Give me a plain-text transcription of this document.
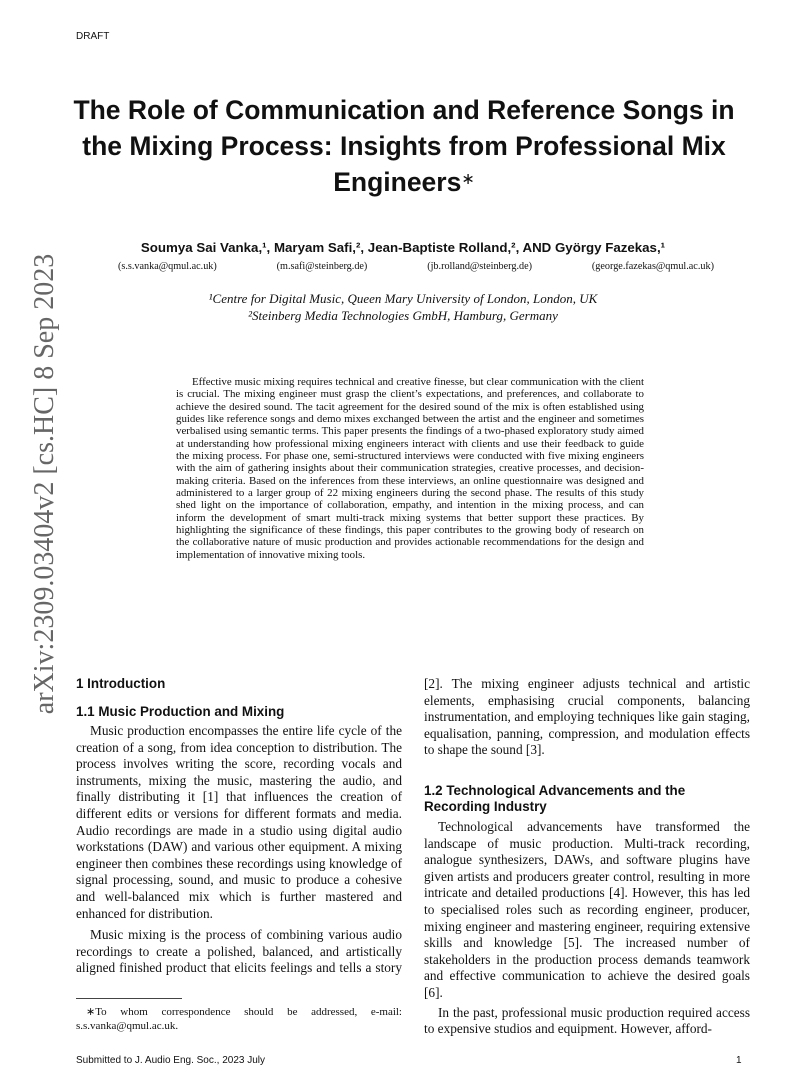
DRAFT
The Role of Communication and Reference Songs in the Mixing Process: Insights from Professional Mix Engineers∗
Soumya Sai Vanka,¹, Maryam Safi,², Jean-Baptiste Rolland,², AND György Fazekas,¹
(s.s.vanka@qmul.ac.uk)	(m.safi@steinberg.de)	(jb.rolland@steinberg.de)	(george.fazekas@qmul.ac.uk)
¹Centre for Digital Music, Queen Mary University of London, London, UK
²Steinberg Media Technologies GmbH, Hamburg, Germany
arXiv:2309.03404v2 [cs.HC] 8 Sep 2023	Effective music mixing requires technical and creative finesse, but clear communication with the client is crucial. The mixing engineer must grasp the client’s expectations, and preferences, and collaborate to achieve the desired sound. The tacit agreement for the desired sound of the mix is often established using guides like reference songs and demo mixes exchanged between the artist and the engineer and sometimes verbalised using semantic terms. This paper presents the findings of a two-phased exploratory study aimed at understanding how professional mixing engineers interact with clients and use their feedback to guide the mixing process. For phase one, semi-structured interviews were conducted with five mixing engineers with the aim of gathering insights about their communication strategies, creative processes, and decision-making criteria. Based on the inferences from these interviews, an online questionnaire was designed and administered to a larger group of 22 mixing engineers during the second phase. The results of this study shed light on the importance of collaboration, empathy, and intention in the mixing process, and can inform the development of smart multi-track mixing systems that better support these practices. By highlighting the significance of these findings, this paper contributes to the growing body of research on the collaborative nature of music production and provides actionable recommendations for the design and implementation of innovative mixing tools.

1 Introduction
1.1 Music Production and Mixing

Music production encompasses the entire life cycle of the creation of a song, from idea conception to distribution. The process involves writing the score, recording vocals and instruments, mixing the music, mastering the audio, and finally distributing it [1] that influences the creation of different edits or versions for different formats and media. Audio recordings are made in a studio using digital audio workstations (DAW) and various other equipment. A mixing engineer then combines these recordings using knowledge of signal processing, sound, and music to produce a cohesive and well-balanced mix which is further mastered and enhanced for distribution.

Music mixing is the process of combining various audio recordings to create a polished, balanced, and artistically aligned finished product that elicits feelings and tells a story

[2]. The mixing engineer adjusts technical and artistic elements, emphasising crucial components, balancing instrumentation, and employing techniques like gain staging, equalisation, panning, compression, and modulation effects to shape the sound [3].

1.2 Technological Advancements and the Recording Industry

Technological advancements have transformed the landscape of music production. Multi-track recording, analogue synthesizers, DAWs, and software plugins have given artists and producers greater control, resulting in more intricate and detailed productions [4]. However, this has led to specialised roles such as recording engineer, producer, mixing engineer and mastering engineer, requiring extensive skills and knowledge [5]. The increased number of stakeholders in the production process demands teamwork and effective communication to achieve the desired goals [6].

In the past, professional music production required access to expensive studios and equipment. However, afford-

∗To whom correspondence should be addressed, e-mail: s.s.vanka@qmul.ac.uk.

Submitted to J. Audio Eng. Soc., 2023 July	1
